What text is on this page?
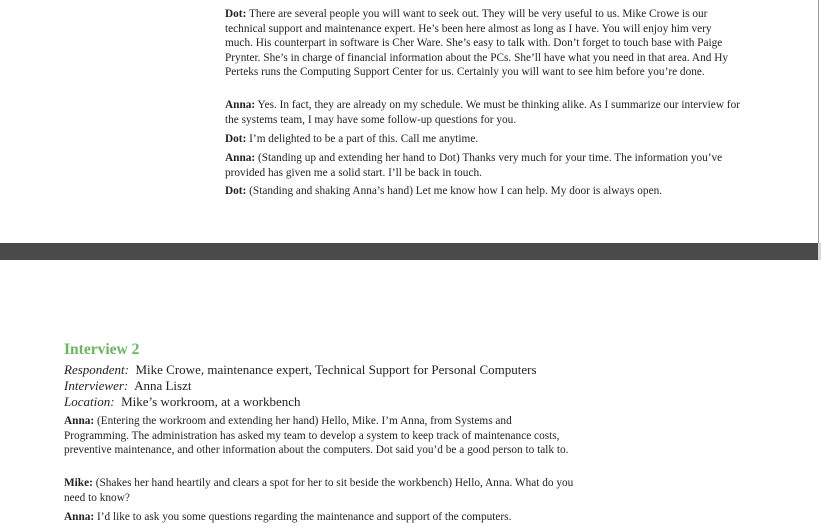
Dot: There are several people you will want to seek out. They will be very useful to us. Mike Crowe is our technical support and maintenance expert. He’s been here almost as long as I have. You will enjoy him very much. His counterpart in software is Cher Ware. She’s easy to talk with. Don’t forget to touch base with Paige Prynter. She’s in charge of financial information about the PCs. She’ll have what you need in that area. And Hy Perteks runs the Computing Support Center for us. Certainly you will want to see him before you’re done.

Anna: Yes. In fact, they are already on my schedule. We must be thinking alike. As I summarize our interview for the systems team, I may have some follow-up questions for you.

Dot: I’m delighted to be a part of this. Call me anytime.

Anna: (Standing up and extending her hand to Dot) Thanks very much for your time. The information you’ve provided has given me a solid start. I’ll be back in touch.

Dot: (Standing and shaking Anna’s hand) Let me know how I can help. My door is always open.

Interview 2

Respondent: Mike Crowe, maintenance expert, Technical Support for Personal Computers

Interviewer: Anna Liszt

Location: Mike’s workroom, at a workbench

Anna: (Entering the workroom and extending her hand) Hello, Mike. I’m Anna, from Systems and Programming. The administration has asked my team to develop a system to keep track of maintenance costs, preventive maintenance, and other information about the computers. Dot said you’d be a good person to talk to.

Mike: (Shakes her hand heartily and clears a spot for her to sit beside the workbench) Hello, Anna. What do you need to know?

Anna: I’d like to ask you some questions regarding the maintenance and support of the computers.
